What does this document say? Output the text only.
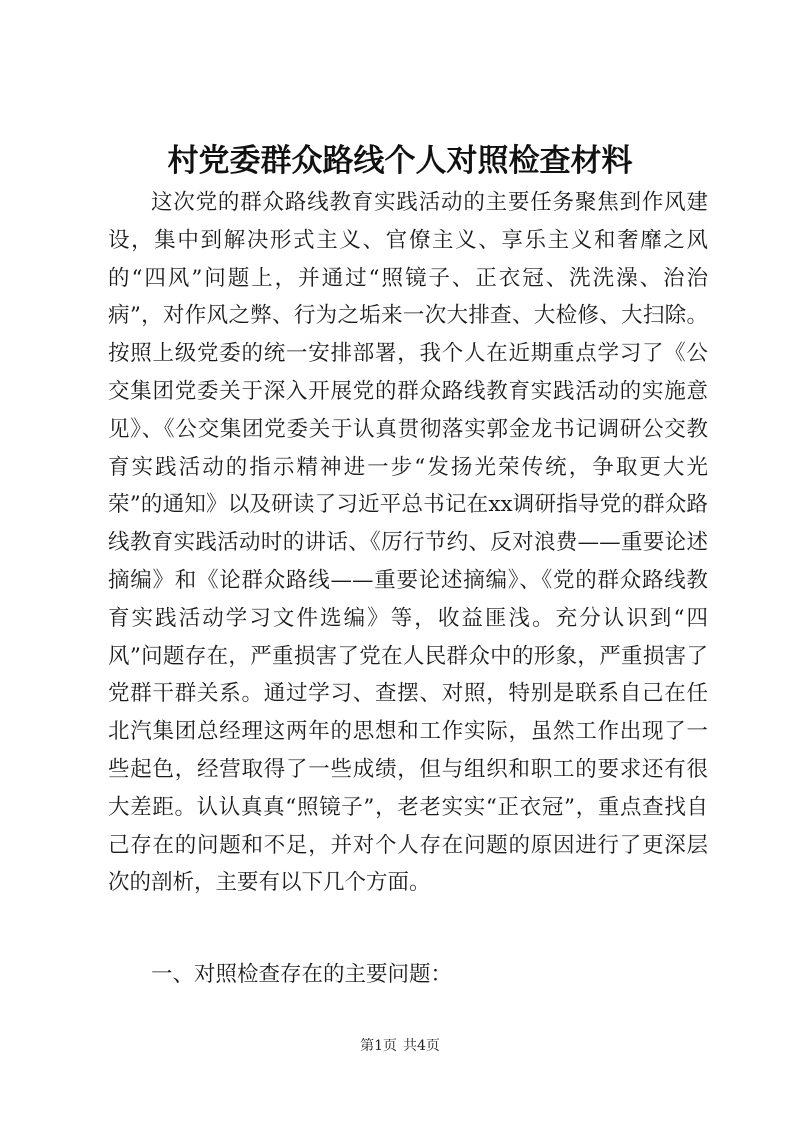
村党委群众路线个人对照检查材料

这次党的群众路线教育实践活动的主要任务聚焦到作风建设，集中到解决形式主义、官僚主义、享乐主义和奢靡之风的“四风”问题上，并通过“照镜子、正衣冠、洗洗澡、治治病”，对作风之弊、行为之垢来一次大排查、大检修、大扫除。按照上级党委的统一安排部署，我个人在近期重点学习了《公交集团党委关于深入开展党的群众路线教育实践活动的实施意见》、《公交集团党委关于认真贯彻落实郭金龙书记调研公交教育实践活动的指示精神进一步“发扬光荣传统，争取更大光荣”的通知》以及研读了习近平总书记在xx调研指导党的群众路线教育实践活动时的讲话、《厉行节约、反对浪费——重要论述摘编》和《论群众路线——重要论述摘编》、《党的群众路线教育实践活动学习文件选编》等，收益匪浅。充分认识到“四风”问题存在，严重损害了党在人民群众中的形象，严重损害了党群干群关系。通过学习、查摆、对照，特别是联系自己在任北汽集团总经理这两年的思想和工作实际，虽然工作出现了一些起色，经营取得了一些成绩，但与组织和职工的要求还有很大差距。认认真真“照镜子”，老老实实“正衣冠”，重点查找自己存在的问题和不足，并对个人存在问题的原因进行了更深层次的剖析，主要有以下几个方面。

一、对照检查存在的主要问题：

第1页 共4页
